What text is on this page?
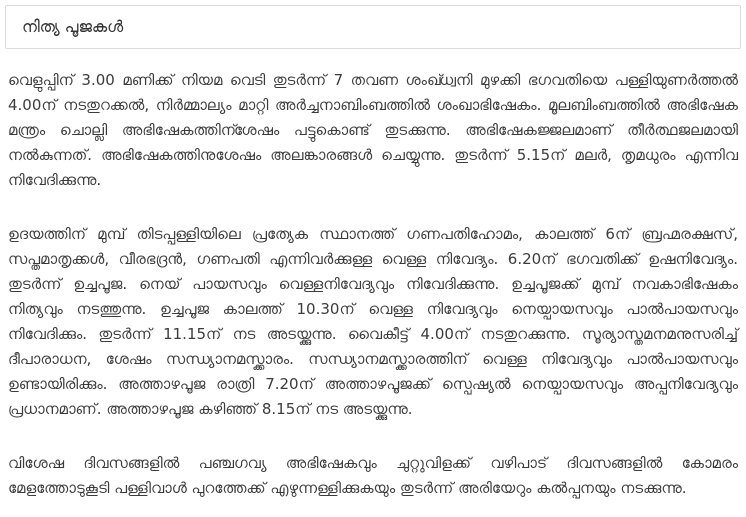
നിത്യ പൂജകൾ

വെളുപ്പിന് 3.00 മണിക്ക് നിയമ വെടി തുടർന്ന് 7 തവണ ശംഖ്ധ്വനി മുഴക്കി ഭഗവതിയെ പള്ളിയുണർത്തൽ 4.00ന് നടതുറക്കൽ, നിർമ്മാല്യം മാറ്റി അർച്ചനാബിംബത്തിൽ ശംഖാഭിഷേകം. മൂലബിംബത്തിൽ അഭിഷേക മന്ത്രം ചൊല്ലി അഭിഷേകത്തിന്ശേഷം പട്ടുകൊണ്ട് തുടക്കുന്നു. അഭിഷേകജ്ജലമാണ് തീർത്ഥജലമായി നൽകുന്നത്. അഭിഷേകത്തിനുശേഷം അലങ്കാരങ്ങൾ ചെയ്യുന്നു. തുടർന്ന് 5.15ന് മലർ, തൃമധുരം എന്നിവ നിവേദിക്കുന്നു.

ഉദയത്തിന് മുമ്പ് തിടപ്പള്ളിയിലെ പ്രത്യേക സ്ഥാനത്ത് ഗണപതിഹോമം, കാലത്ത് 6ന് ബ്രഹ്മരക്ഷസ്, സപ്തമാതൃക്കൾ, വീരഭദ്രൻ, ഗണപതി എന്നിവർക്കുള്ള വെള്ള നിവേദ്യം. 6.20ന് ഭഗവതിക്ക് ഉഷനിവേദ്യം. തുടർന്ന് ഉച്ചപൂജ. നെയ് പായസവും വെള്ളനിവേദ്യവും നിവേദിക്കുന്നു. ഉച്ചപൂജക്ക് മുമ്പ് നവകാഭിഷേകം നിത്യവും നടത്തുന്നു. ഉച്ചപൂജ കാലത്ത് 10.30ന് വെള്ള നിവേദ്യവും നെയ്പായസവും പാൽപായസവും നിവേദിക്കും. തുടർന്ന് 11.15ന് നട അടയ്ക്കുന്നു. വൈകീട്ട് 4.00ന് നടതുറക്കുന്നു. സൂര്യാസ്തമനമനുസരിച്ച് ദീപാരാധന, ശേഷം സന്ധ്യാനമസ്ക്കാരം. സന്ധ്യാനമസ്ക്കാരത്തിന് വെള്ള നിവേദ്യവും പാൽപായസവും ഉണ്ടായിരിക്കും. അത്താഴപൂജ രാത്രി 7.20ന് അത്താഴപൂജക്ക് സ്പെഷ്യൽ നെയ്പായസവും അപ്പനിവേദ്യവും പ്രധാനമാണ്. അത്താഴപൂജ കഴിഞ്ഞ് 8.15ന് നട അടയ്ക്കുന്നു.

വിശേഷ ദിവസങ്ങളിൽ പഞ്ചഗവ്യ അഭിഷേകവും ചുറ്റുവിളക്ക് വഴിപാട് ദിവസങ്ങളിൽ കോമരം മേളത്തോടുകൂടി പള്ളിവാൾ പുറത്തേക്ക് എഴുന്നള്ളിക്കുകയും തുടർന്ന് അരിയേറും കൽപ്പനയും നടക്കുന്നു.
